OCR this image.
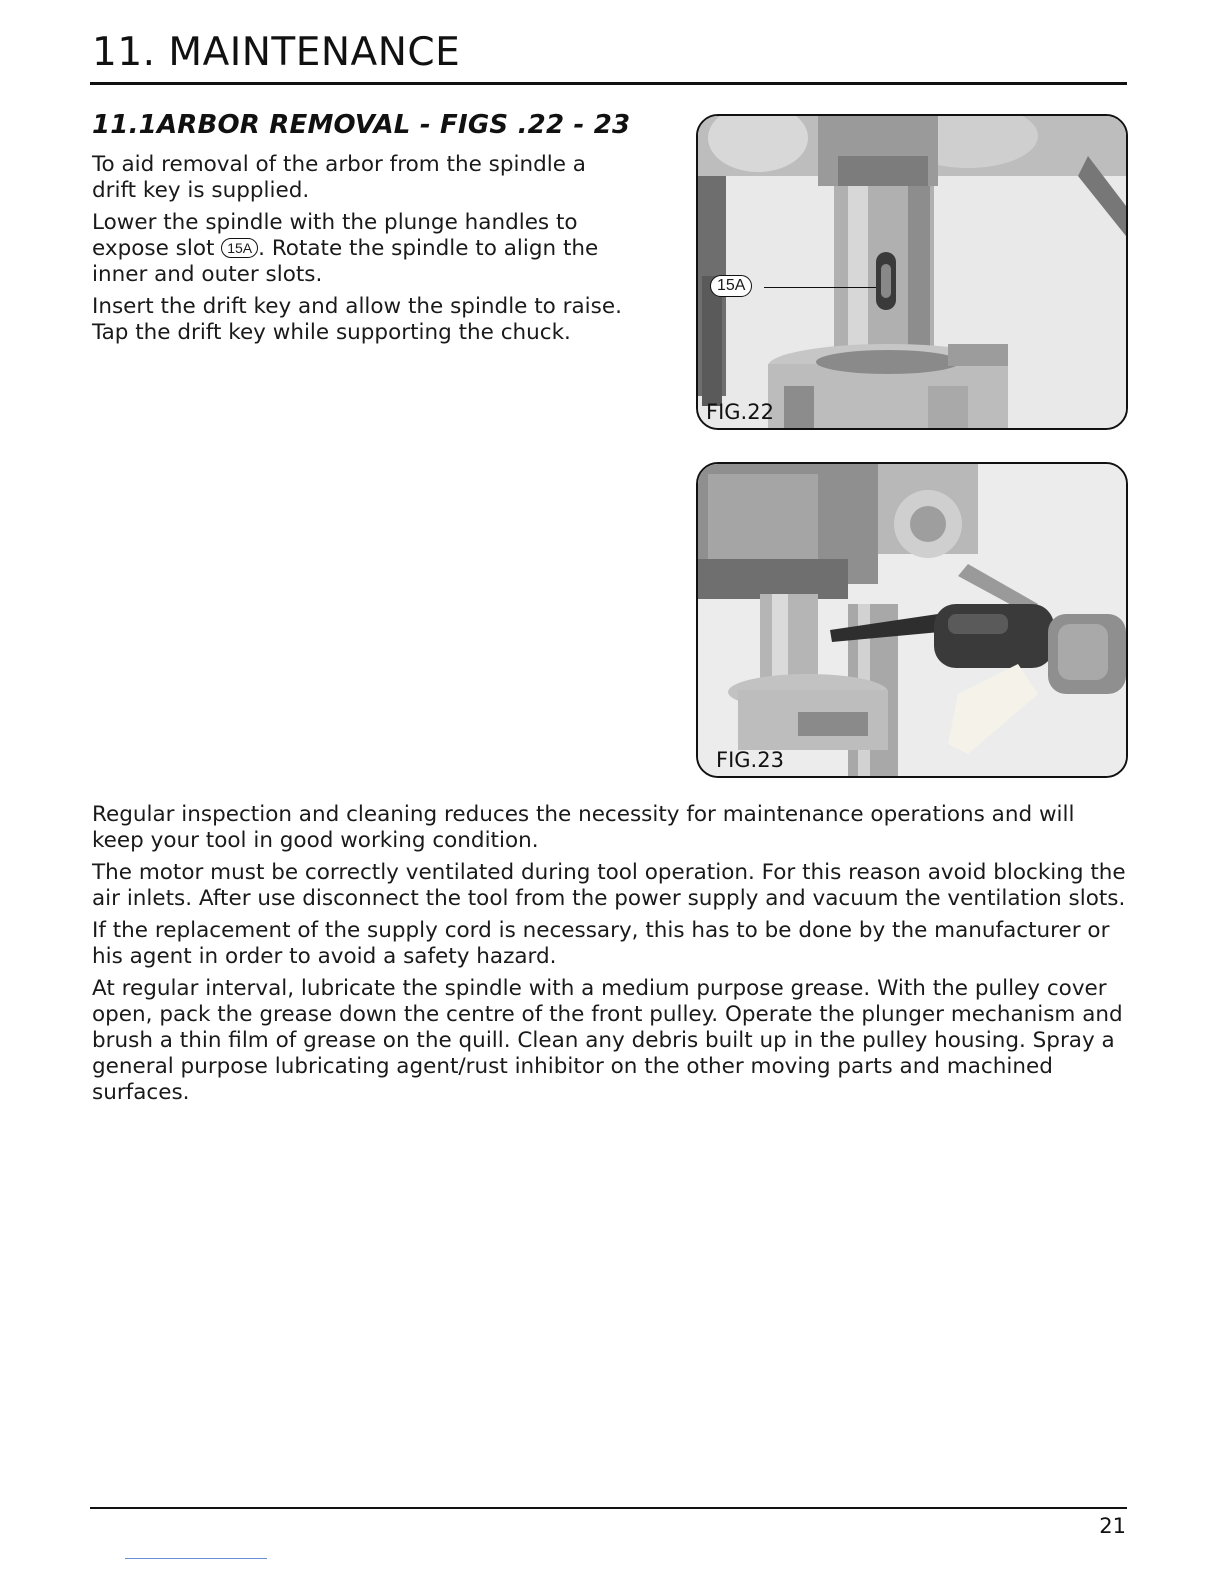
11. MAINTENANCE
11.1ARBOR REMOVAL - FIGS .22 - 23

To aid removal of the arbor from the spindle a drift key is supplied.

Lower the spindle with the plunge handles to expose slot 15A . Rotate the spindle to align the inner and outer slots.

Insert the drift key and allow the spindle to raise. Tap the drift key while supporting the chuck.

15A
FIG.22
FIG.23

Regular inspection and cleaning reduces the necessity for maintenance operations and will keep your tool in good working condition.

The motor must be correctly ventilated during tool operation. For this reason avoid blocking the air inlets. After use disconnect the tool from the power supply and vacuum the ventilation slots.

If the replacement of the supply cord is necessary, this has to be done by the manufacturer or his agent in order to avoid a safety hazard.

At regular interval, lubricate the spindle with a medium purpose grease. With the pulley cover open, pack the grease down the centre of the front pulley. Operate the plunger mechanism and brush a thin film of grease on the quill. Clean any debris built up in the pulley housing. Spray a general purpose lubricating agent/rust inhibitor on the other moving parts and machined surfaces.

21
